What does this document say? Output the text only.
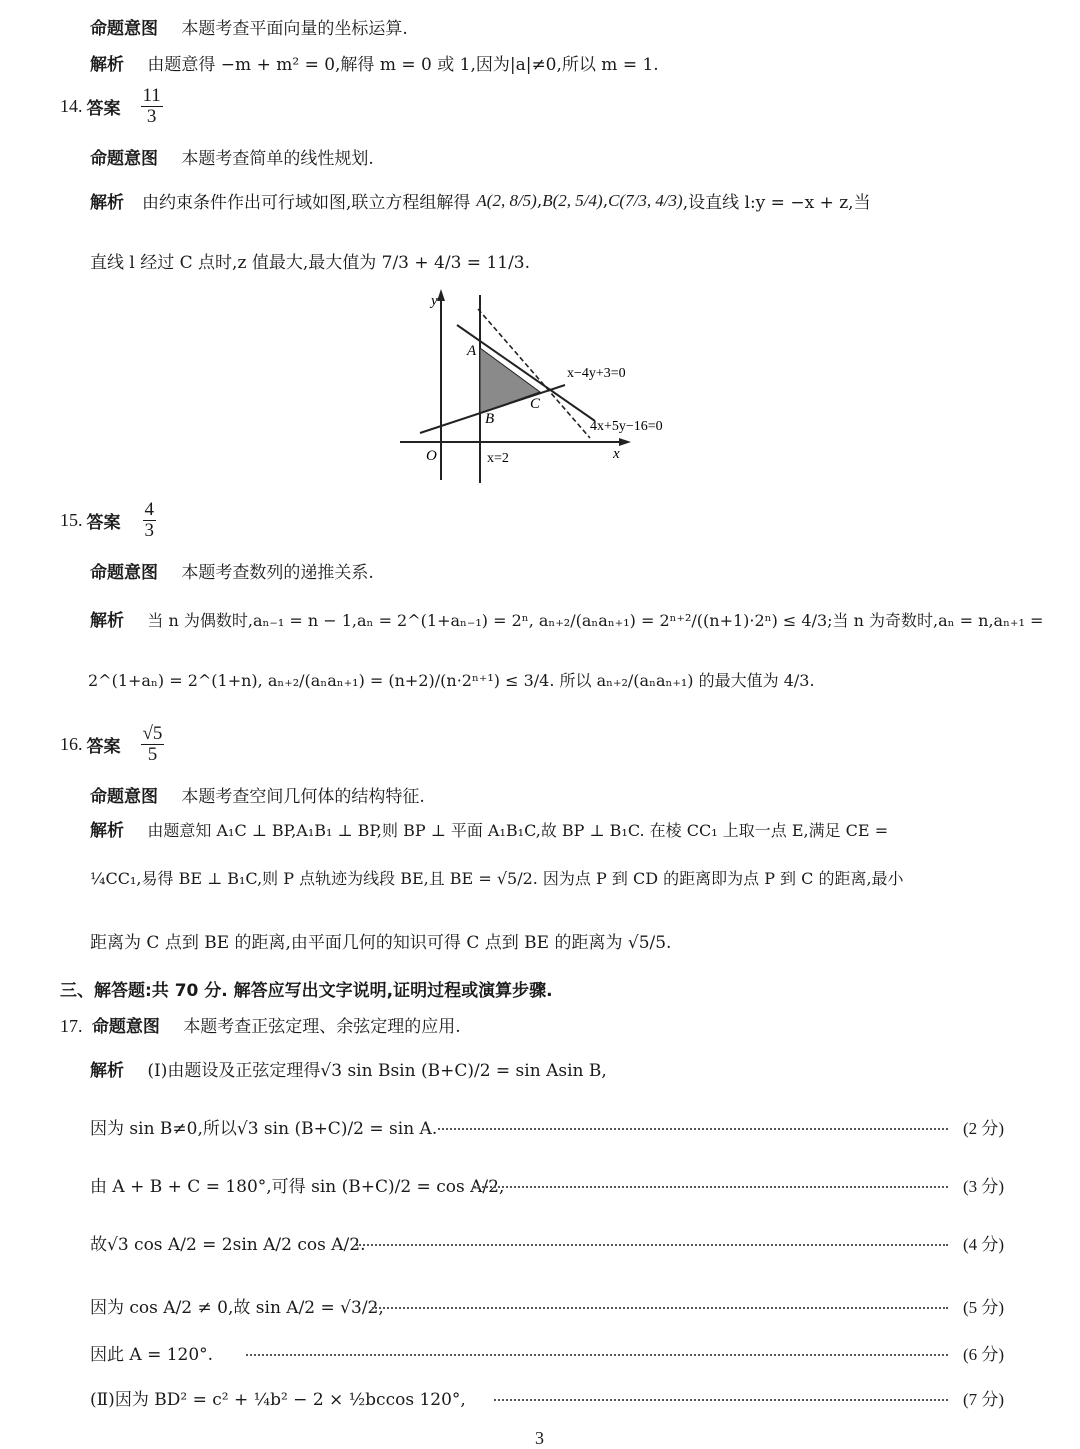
命题意图 本题考查平面向量的坐标运算.
解析 由题意得 −m + m² = 0,解得 m = 0 或 1,因为|a|≠0,所以 m = 1.
14. 答案 $\frac{11}{3}$
命题意图 本题考查简单的线性规划.
解析 由约束条件作出可行域如图,联立方程组解得 A(2, 8/5) , B(2, 5/4) , C(7/3, 4/3) ,设直线 l:y = −x + z,当
直线 l 经过 C 点时,z 值最大,最大值为 7/3 + 4/3 = 11/3.
y
x
O
A
B
C
x=2
x−4y+3=0
4x+5y−16=0
15. 答案 $\frac{4}{3}$
命题意图 本题考查数列的递推关系.
解析 当 n 为偶数时,aₙ₋₁ = n − 1,aₙ = 2^(1+aₙ₋₁) = 2ⁿ, aₙ₊₂/(aₙaₙ₊₁) = 2ⁿ⁺²/((n+1)·2ⁿ) ≤ 4/3;当 n 为奇数时,aₙ = n,aₙ₊₁ =
2^(1+aₙ) = 2^(1+n), aₙ₊₂/(aₙaₙ₊₁) = (n+2)/(n·2ⁿ⁺¹) ≤ 3/4. 所以 aₙ₊₂/(aₙaₙ₊₁) 的最大值为 4/3.
16. 答案 $\frac{√5}{5}$
命题意图 本题考查空间几何体的结构特征.
解析 由题意知 A₁C ⊥ BP,A₁B₁ ⊥ BP,则 BP ⊥ 平面 A₁B₁C,故 BP ⊥ B₁C. 在棱 CC₁ 上取一点 E,满足 CE =
¼CC₁,易得 BE ⊥ B₁C,则 P 点轨迹为线段 BE,且 BE = √5/2. 因为点 P 到 CD 的距离即为点 P 到 C 的距离,最小
距离为 C 点到 BE 的距离,由平面几何的知识可得 C 点到 BE 的距离为 √5/5.
三、解答题:共 70 分. 解答应写出文字说明,证明过程或演算步骤.
17. 命题意图 本题考查正弦定理、余弦定理的应用.
解析 (Ⅰ)由题设及正弦定理得√3 sin Bsin (B+C)/2 = sin Asin B,
因为 sin B≠0,所以√3 sin (B+C)/2 = sin A.	(2 分)
由 A + B + C = 180°,可得 sin (B+C)/2 = cos A/2,	(3 分)
故√3 cos A/2 = 2sin A/2 cos A/2.	(4 分)
因为 cos A/2 ≠ 0,故 sin A/2 = √3/2,	(5 分)
因此 A = 120°.	(6 分)
(Ⅱ)因为 BD² = c² + ¼b² − 2 × ½bccos 120°,	(7 分)
3
